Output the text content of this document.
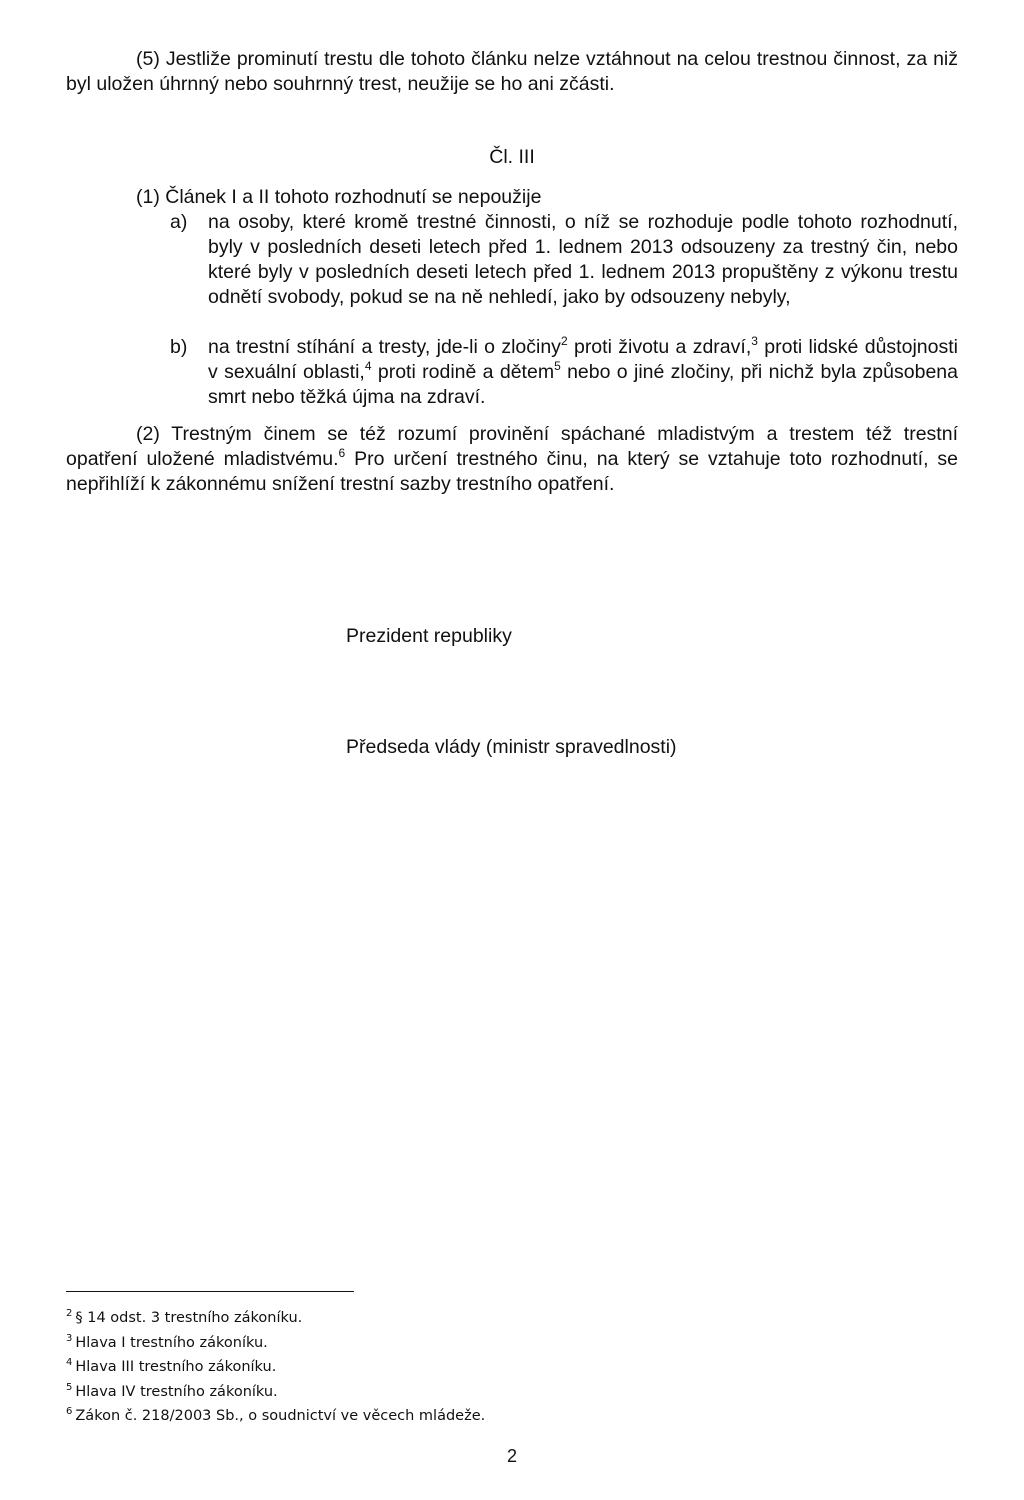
(5) Jestliže prominutí trestu dle tohoto článku nelze vztáhnout na celou trestnou činnost, za niž byl uložen úhrnný nebo souhrnný trest, neužije se ho ani zčásti.

Čl. III

(1) Článek I a II tohoto rozhodnutí se nepoužije

a) na osoby, které kromě trestné činnosti, o níž se rozhoduje podle tohoto rozhodnutí, byly v posledních deseti letech před 1. lednem 2013 odsouzeny za trestný čin, nebo které byly v posledních deseti letech před 1. lednem 2013 propuštěny z výkonu trestu odnětí svobody, pokud se na ně nehledí, jako by odsouzeny nebyly,
b) na trestní stíhání a tresty, jde-li o zločiny$^2$ proti životu a zdraví,$^3$ proti lidské důstojnosti v sexuální oblasti,$^4$ proti rodině a dětem$^5$ nebo o jiné zločiny, při nichž byla způsobena smrt nebo těžká újma na zdraví.

(2) Trestným činem se též rozumí provinění spáchané mladistvým a trestem též trestní opatření uložené mladistvému.$^6$ Pro určení trestného činu, na který se vztahuje toto rozhodnutí, se nepřihlíží k zákonnému snížení trestní sazby trestního opatření.

Prezident republiky

Předseda vlády (ministr spravedlnosti)

$^2$ § 14 odst. 3 trestního zákoníku.
$^3$ Hlava I trestního zákoníku.
$^4$ Hlava III trestního zákoníku.
$^5$ Hlava IV trestního zákoníku.
$^6$ Zákon č. 218/2003 Sb., o soudnictví ve věcech mládeže.

2
